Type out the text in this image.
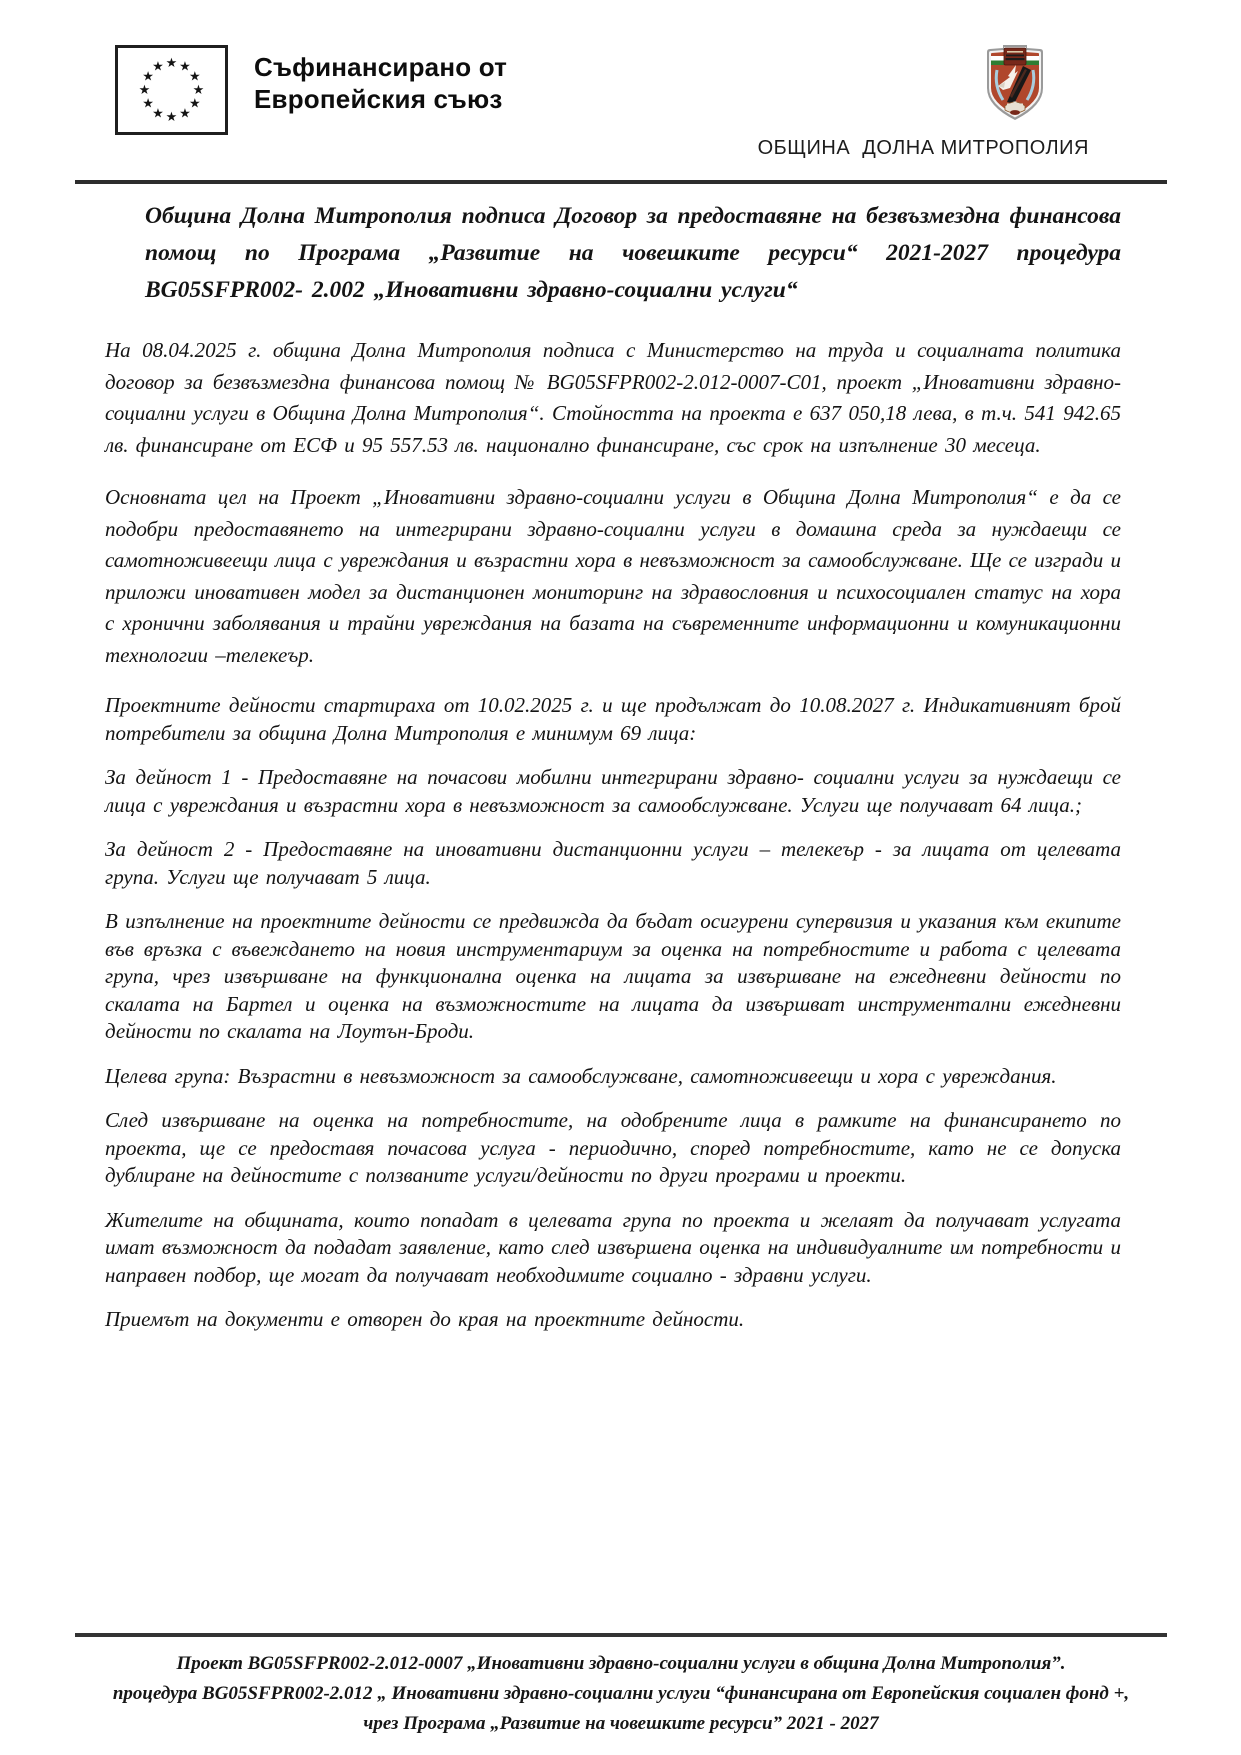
★ ★
★
★
★
★
★
★
★
★
★
★	Съфинансирано от
Европейския съюз
ОБЩИНА  ДОЛНА МИТРОПОЛИЯ
Община Долна Митрополия подписа Договор за предоставяне на безвъзмездна финансова помощ по Програма „Развитие на човешките ресурси“ 2021-2027 процедура BG05SFPR002- 2.002 „Иновативни здравно-социални услуги“

На 08.04.2025 г. община Долна Митрополия подписа с Министерство на труда и социалната политика договор за безвъзмездна финансова помощ № BG05SFPR002-2.012-0007-C01, проект „Иновативни здравно-социални услуги в Община Долна Митрополия“. Стойността на проекта е 637 050,18 лева, в т.ч. 541 942.65 лв. финансиране от ЕСФ и 95 557.53 лв. национално финансиране, със срок на изпълнение 30 месеца.

Основната цел на Проект „Иновативни здравно-социални услуги в Община Долна Митрополия“ е да се подобри предоставянето на интегрирани здравно-социални услуги в домашна среда за нуждаещи се самотноживеещи лица с увреждания и възрастни хора в невъзможност за самообслужване. Ще се изгради и приложи иновативен модел за дистанционен мониторинг на здравословния и психосоциален статус на хора с хронични заболявания и трайни увреждания на базата на съвременните информационни и комуникационни технологии –телекеър.

Проектните дейности стартираха от 10.02.2025 г. и ще продължат до 10.08.2027 г. Индикативният брой потребители за община Долна Митрополия е минимум 69 лица:

За дейност 1 - Предоставяне на почасови мобилни интегрирани здравно- социални услуги за нуждаещи се лица с увреждания и възрастни хора в невъзможност за самообслужване. Услуги ще получават 64 лица.;

За дейност 2 - Предоставяне на иновативни дистанционни услуги – телекеър - за лицата от целевата група. Услуги ще получават 5 лица.

В изпълнение на проектните дейности се предвижда да бъдат осигурени супервизия и указания към екипите във връзка с въвеждането на новия инструментариум за оценка на потребностите и работа с целевата група, чрез извършване на функционална оценка на лицата за извършване на ежедневни дейности по скалата на Бартел и оценка на възможностите на лицата да извършват инструментални ежедневни дейности по скалата на Лоутън-Броди.

Целева група: Възрастни в невъзможност за самообслужване, самотноживеещи и хора с увреждания.

След извършване на оценка на потребностите, на одобрените лица в рамките на финансирането по проекта, ще се предоставя почасова услуга - периодично, според потребностите, като не се допуска дублиране на дейностите с ползваните услуги/дейности по други програми и проекти.

Жителите на общината, които попадат в целевата група по проекта и желаят да получават услугата имат възможност да подадат заявление, като след извършена оценка на индивидуалните им потребности и направен подбор, ще могат да получават необходимите социално - здравни услуги.

Приемът на документи е отворен до края на проектните дейности.

Проект BG05SFPR002-2.012-0007 „Иновативни здравно-социални услуги в община Долна Митрополия”.
процедура BG05SFPR002-2.012 „ Иновативни здравно-социални услуги “финансирана от Европейския социален фонд +,
чрез Програма „Развитие на човешките ресурси” 2021 - 2027
